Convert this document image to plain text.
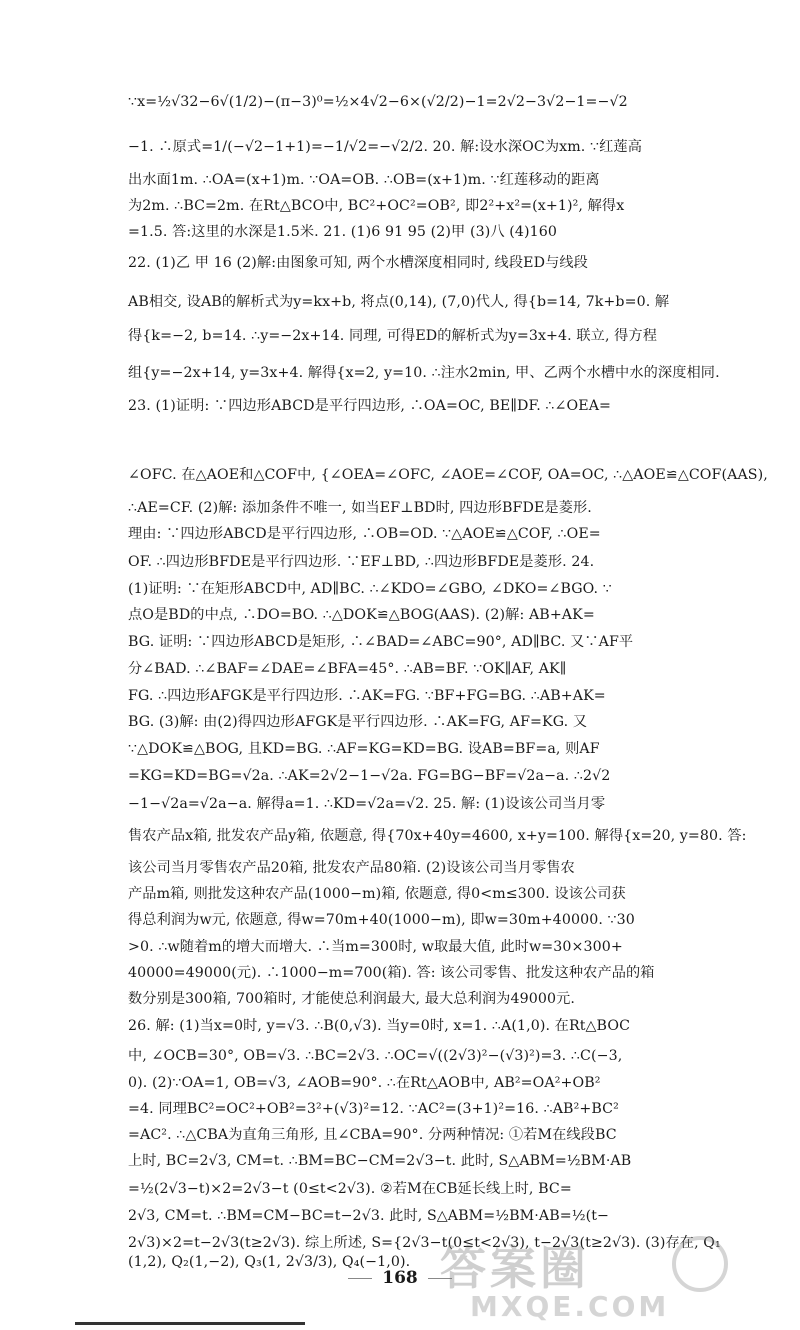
∵x=½√32−6√(1/2)−(π−3)⁰=½×4√2−6×(√2/2)−1=2√2−3√2−1=−√2
−1. ∴原式=1/(−√2−1+1)=−1/√2=−√2/2. 20. 解:设水深OC为xm. ∵红莲高
出水面1m. ∴OA=(x+1)m. ∵OA=OB. ∴OB=(x+1)m. ∵红莲移动的距离
为2m. ∴BC=2m. 在Rt△BCO中, BC²+OC²=OB², 即2²+x²=(x+1)², 解得x
=1.5. 答:这里的水深是1.5米. 21. (1)6 91 95 (2)甲 (3)八 (4)160
22. (1)乙 甲 16 (2)解:由图象可知, 两个水槽深度相同时, 线段ED与线段
AB相交, 设AB的解析式为y=kx+b, 将点(0,14), (7,0)代人, 得{b=14, 7k+b=0. 解
得{k=−2, b=14. ∴y=−2x+14. 同理, 可得ED的解析式为y=3x+4. 联立, 得方程
组{y=−2x+14, y=3x+4. 解得{x=2, y=10. ∴注水2min, 甲、乙两个水槽中水的深度相同.
23. (1)证明: ∵四边形ABCD是平行四边形, ∴OA=OC, BE∥DF. ∴∠OEA=
∠OFC. 在△AOE和△COF中, {∠OEA=∠OFC, ∠AOE=∠COF, OA=OC, ∴△AOE≌△COF(AAS),
∴AE=CF. (2)解: 添加条件不唯一, 如当EF⊥BD时, 四边形BFDE是菱形.
理由: ∵四边形ABCD是平行四边形, ∴OB=OD. ∵△AOE≌△COF, ∴OE=
OF. ∴四边形BFDE是平行四边形. ∵EF⊥BD, ∴四边形BFDE是菱形. 24.
(1)证明: ∵在矩形ABCD中, AD∥BC. ∴∠KDO=∠GBO, ∠DKO=∠BGO. ∵
点O是BD的中点, ∴DO=BO. ∴△DOK≌△BOG(AAS). (2)解: AB+AK=
BG. 证明: ∵四边形ABCD是矩形, ∴∠BAD=∠ABC=90°, AD∥BC. 又∵AF平
分∠BAD. ∴∠BAF=∠DAE=∠BFA=45°. ∴AB=BF. ∵OK∥AF, AK∥
FG. ∴四边形AFGK是平行四边形. ∴AK=FG. ∵BF+FG=BG. ∴AB+AK=
BG. (3)解: 由(2)得四边形AFGK是平行四边形. ∴AK=FG, AF=KG. 又
∵△DOK≌△BOG, 且KD=BG. ∴AF=KG=KD=BG. 设AB=BF=a, 则AF
=KG=KD=BG=√2a. ∴AK=2√2−1−√2a. FG=BG−BF=√2a−a. ∴2√2
−1−√2a=√2a−a. 解得a=1. ∴KD=√2a=√2. 25. 解: (1)设该公司当月零
售农产品x箱, 批发农产品y箱, 依题意, 得{70x+40y=4600, x+y=100. 解得{x=20, y=80. 答:
该公司当月零售农产品20箱, 批发农产品80箱. (2)设该公司当月零售农
产品m箱, 则批发这种农产品(1000−m)箱, 依题意, 得0<m≤300. 设该公司获
得总利润为w元, 依题意, 得w=70m+40(1000−m), 即w=30m+40000. ∵30
>0. ∴w随着m的增大而增大. ∴当m=300时, w取最大值, 此时w=30×300+
40000=49000(元). ∴1000−m=700(箱). 答: 该公司零售、批发这种农产品的箱
数分别是300箱, 700箱时, 才能使总利润最大, 最大总利润为49000元.
26. 解: (1)当x=0时, y=√3. ∴B(0,√3). 当y=0时, x=1. ∴A(1,0). 在Rt△BOC
中, ∠OCB=30°, OB=√3. ∴BC=2√3. ∴OC=√((2√3)²−(√3)²)=3. ∴C(−3,
0). (2)∵OA=1, OB=√3, ∠AOB=90°. ∴在Rt△AOB中, AB²=OA²+OB²
=4. 同理BC²=OC²+OB²=3²+(√3)²=12. ∵AC²=(3+1)²=16. ∴AB²+BC²
=AC². ∴△CBA为直角三角形, 且∠CBA=90°. 分两种情况: ①若M在线段BC
上时, BC=2√3, CM=t. ∴BM=BC−CM=2√3−t. 此时, S△ABM=½BM·AB
=½(2√3−t)×2=2√3−t (0≤t<2√3). ②若M在CB延长线上时, BC=
2√3, CM=t. ∴BM=CM−BC=t−2√3. 此时, S△ABM=½BM·AB=½(t−
2√3)×2=t−2√3(t≥2√3). 综上所述, S={2√3−t(0≤t<2√3), t−2√3(t≥2√3). (3)存在, Q₁
(1,2), Q₂(1,−2), Q₃(1, 2√3/3), Q₄(−1,0).
168 答案圈
MXQE.COM
